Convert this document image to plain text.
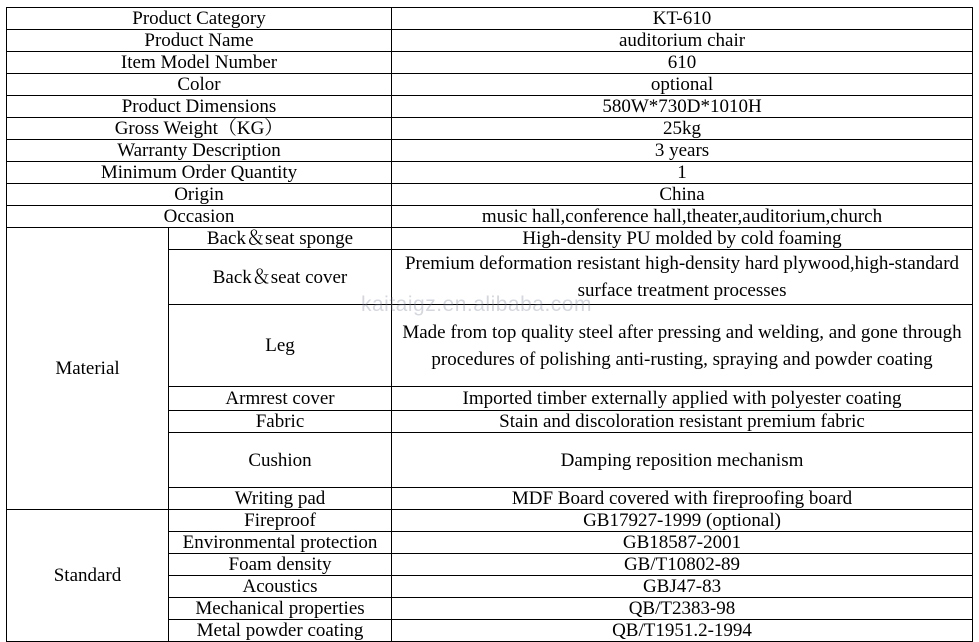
Product Category		KT-610
Product Name		auditorium chair
Item Model Number		610
Color		optional
Product Dimensions		580W*730D*1010H
Gross Weight（KG）		25kg
Warranty Description		3 years
Minimum Order Quantity		1
Origin		China
Occasion		music hall,conference hall,theater,auditorium,church
Material	Back＆seat sponge	High-density PU molded by cold foaming
	Back＆seat cover	Premium deformation resistant high-density hard plywood,high-standard surface treatment processes
	Leg	Made from top quality steel after pressing and welding, and gone through procedures of polishing anti-rusting, spraying and powder coating
	Armrest cover	Imported timber externally applied with polyester coating
	Fabric	Stain and discoloration resistant premium fabric
	Cushion	Damping reposition mechanism
	Writing pad	MDF Board covered with fireproofing board
Standard	Fireproof	GB17927-1999 (optional)
	Environmental protection	GB18587-2001
	Foam density	GB/T10802-89
	Acoustics	GBJ47-83
	Mechanical properties	QB/T2383-98
	Metal powder coating	QB/T1951.2-1994
kaitaigz.en.alibaba.com
